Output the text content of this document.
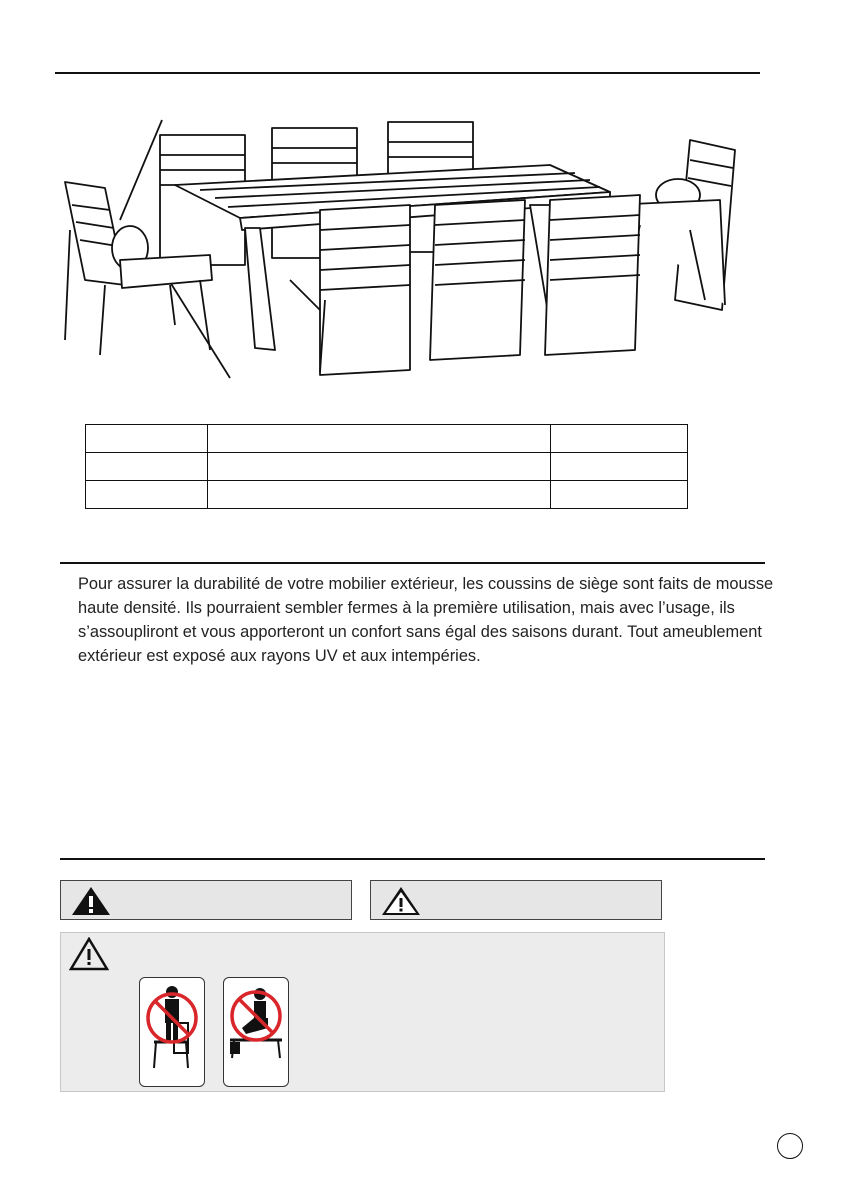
Pour assurer la durabilité de votre mobilier extérieur, les coussins de siège sont faits de mousse haute densité. Ils pourraient sembler fermes à la première utilisation, mais avec l’usage, ils s’assoupliront et vous apporteront un confort sans égal des saisons durant. Tout ameublement extérieur est exposé aux rayons UV et aux intempéries.
